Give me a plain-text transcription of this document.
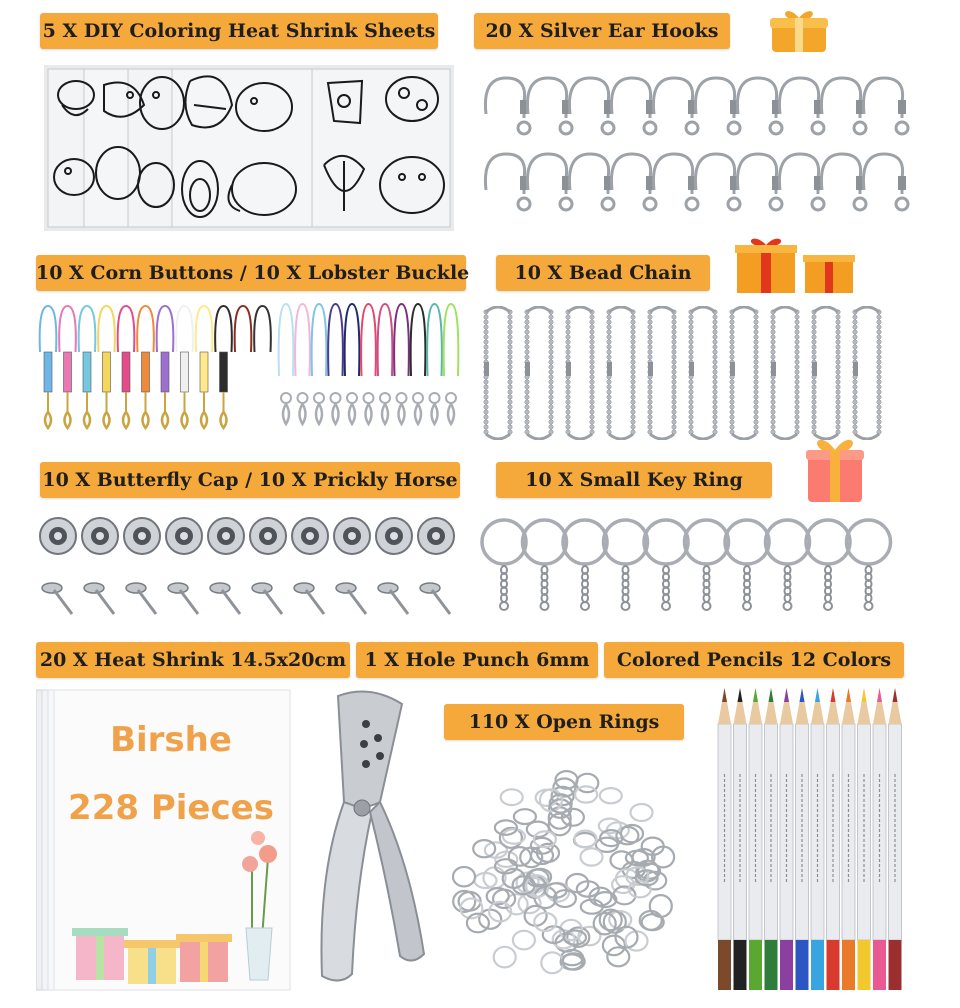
5 X DIY Coloring Heat Shrink Sheets	20 X Silver Ear Hooks
10 X Corn Buttons / 10 X Lobster Buckle	10 X Bead Chain
10 X Butterfly Cap / 10 X Prickly Horse	10 X Small Key Ring
20 X Heat Shrink 14.5x20cm 1 X Hole Punch 6mm	Colored Pencils 12 Colors
110 X Open Rings
Birshe
228 Pieces
